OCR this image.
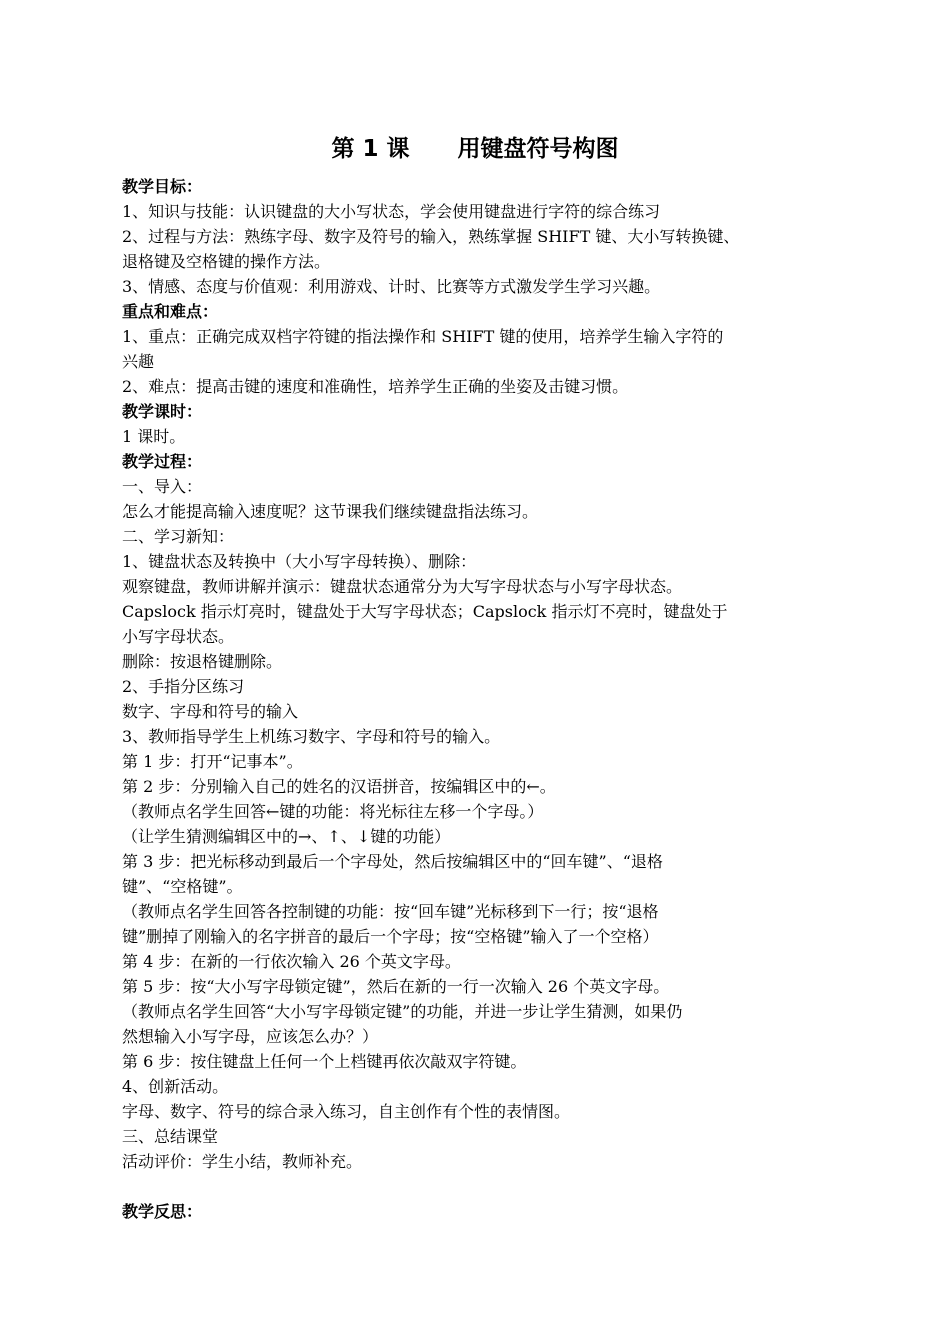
第 1 课      用键盘符号构图
教学目标：
1、知识与技能：认识键盘的大小写状态，学会使用键盘进行字符的综合练习
2、过程与方法：熟练字母、数字及符号的输入，熟练掌握 SHIFT 键、大小写转换键、
退格键及空格键的操作方法。
3、情感、态度与价值观：利用游戏、计时、比赛等方式激发学生学习兴趣。
重点和难点：
1、重点：正确完成双档字符键的指法操作和 SHIFT 键的使用，培养学生输入字符的
兴趣
2、难点：提高击键的速度和准确性，培养学生正确的坐姿及击键习惯。
教学课时：
1 课时。
教学过程：
一、导入：
怎么才能提高输入速度呢？这节课我们继续键盘指法练习。
二、学习新知：
1、键盘状态及转换中（大小写字母转换）、删除：
观察键盘，教师讲解并演示：键盘状态通常分为大写字母状态与小写字母状态。
Capslock 指示灯亮时，键盘处于大写字母状态；Capslock 指示灯不亮时，键盘处于
小写字母状态。
删除：按退格键删除。
2、手指分区练习
数字、字母和符号的输入
3、教师指导学生上机练习数字、字母和符号的输入。
第 1 步：打开“记事本”。
第 2 步：分别输入自己的姓名的汉语拼音，按编辑区中的←。
（教师点名学生回答←键的功能：将光标往左移一个字母。）
（让学生猜测编辑区中的→、↑、↓键的功能）
第 3 步：把光标移动到最后一个字母处，然后按编辑区中的“回车键”、“退格
键”、“空格键”。
（教师点名学生回答各控制键的功能：按“回车键”光标移到下一行；按“退格
键”删掉了刚输入的名字拼音的最后一个字母；按“空格键”输入了一个空格）
第 4 步：在新的一行依次输入 26 个英文字母。
第 5 步：按“大小写字母锁定键”，然后在新的一行一次输入 26 个英文字母。
（教师点名学生回答“大小写字母锁定键”的功能，并进一步让学生猜测，如果仍
然想输入小写字母，应该怎么办？）
第 6 步：按住键盘上任何一个上档键再依次敲双字符键。
4、创新活动。
字母、数字、符号的综合录入练习，自主创作有个性的表情图。
三、总结课堂
活动评价：学生小结，教师补充。
教学反思：
